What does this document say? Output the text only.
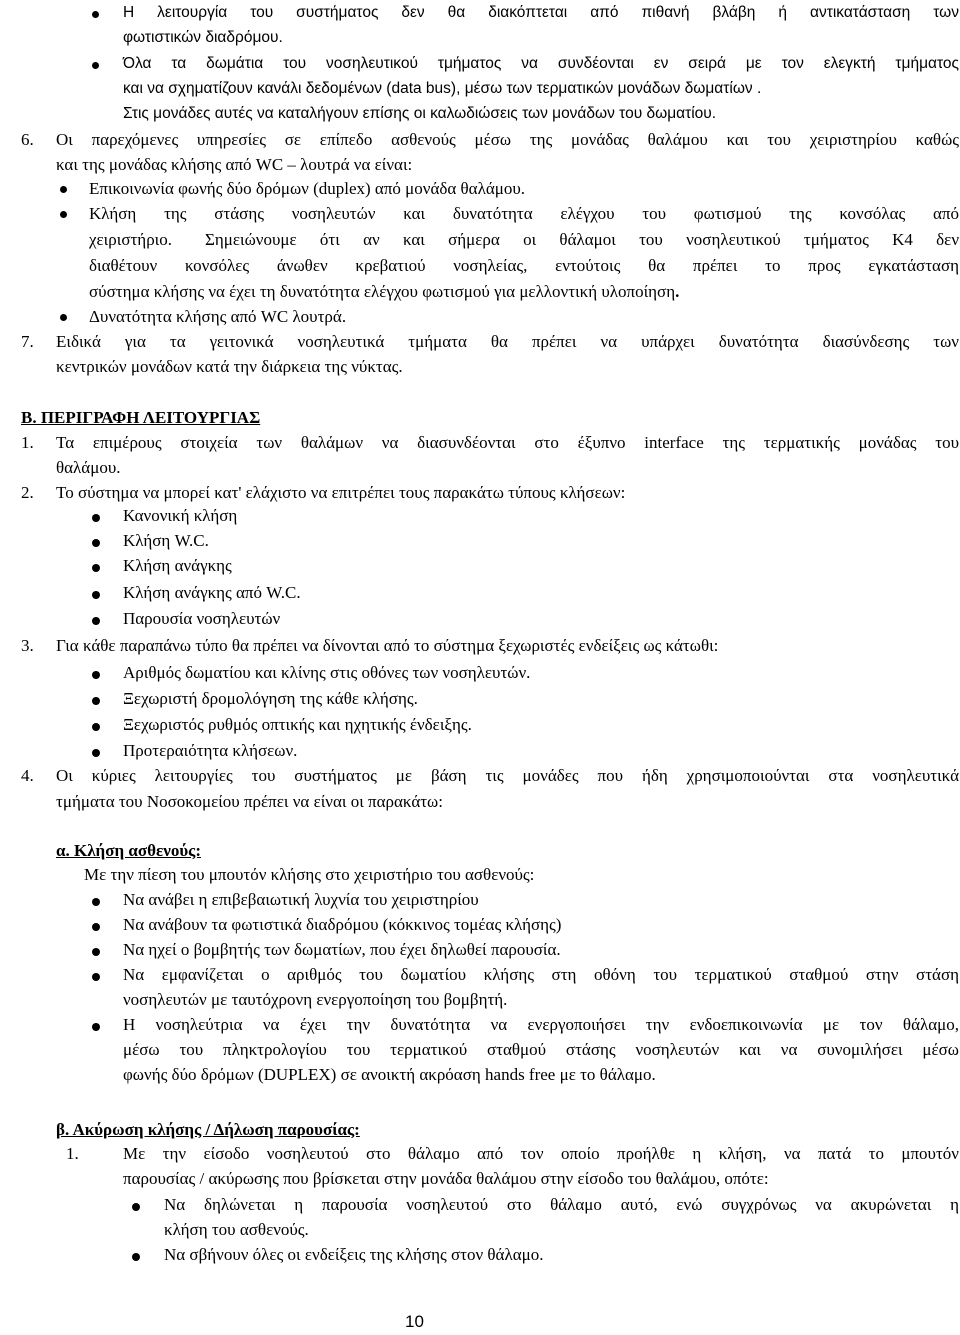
Η λειτουργία του συστήματος δεν θα διακόπτεται από πιθανή βλάβη ή αντικατάσταση των
φωτιστικών διαδρόμου.
Όλα τα δωμάτια του νοσηλευτικού τμήματος να συνδέονται εν σειρά με τον ελεγκτή τμήματος
και να σχηματίζουν κανάλι δεδομένων (data bus), μέσω των τερματικών μονάδων δωματίων .
Στις μονάδες αυτές να καταλήγουν επίσης οι καλωδιώσεις των μονάδων του δωματίου.
6. Οι παρεχόμενες υπηρεσίες σε επίπεδο ασθενούς μέσω της μονάδας θαλάμου και του χειριστηρίου καθώς
και της μονάδας κλήσης από WC – λουτρά να είναι:
Επικοινωνία φωνής δύο δρόμων (duplex) από μονάδα θαλάμου.
Κλήση της στάσης νοσηλευτών και δυνατότητα ελέγχου του φωτισμού της κονσόλας από
χειριστήριο. Σημειώνουμε ότι αν και σήμερα οι θάλαμοι του νοσηλευτικού τμήματος Κ4 δεν
διαθέτουν κονσόλες άνωθεν κρεβατιού νοσηλείας, εντούτοις θα πρέπει το προς εγκατάσταση
σύστημα κλήσης να έχει τη δυνατότητα ελέγχου φωτισμού για μελλοντική υλοποίηση.
Δυνατότητα κλήσης από WC λουτρά.
7. Ειδικά για τα γειτονικά νοσηλευτικά τμήματα θα πρέπει να υπάρχει δυνατότητα διασύνδεσης των
κεντρικών μονάδων κατά την διάρκεια της νύκτας.
Β. ΠΕΡΙΓΡΑΦΗ ΛΕΙΤΟΥΡΓΙΑΣ
1. Τα επιμέρους στοιχεία των θαλάμων να διασυνδέονται στο έξυπνο interface της τερματικής μονάδας του
θαλάμου.
2. Το σύστημα να μπορεί κατ' ελάχιστο να επιτρέπει τους παρακάτω τύπους κλήσεων:
Κανονική κλήση
Κλήση W.C.
Κλήση ανάγκης
Κλήση ανάγκης από W.C.
Παρουσία νοσηλευτών
3. Για κάθε παραπάνω τύπο θα πρέπει να δίνονται από το σύστημα ξεχωριστές ενδείξεις ως κάτωθι:
Αριθμός δωματίου και κλίνης στις οθόνες των νοσηλευτών.
Ξεχωριστή δρομολόγηση της κάθε κλήσης.
Ξεχωριστός ρυθμός οπτικής και ηχητικής ένδειξης.
Προτεραιότητα κλήσεων.
4. Οι κύριες λειτουργίες του συστήματος με βάση τις μονάδες που ήδη χρησιμοποιούνται στα νοσηλευτικά
τμήματα του Νοσοκομείου πρέπει να είναι οι παρακάτω:
α. Κλήση ασθενούς:
Με την πίεση του μπουτόν κλήσης στο χειριστήριο του ασθενούς:
Να ανάβει η επιβεβαιωτική λυχνία του χειριστηρίου
Να ανάβουν τα φωτιστικά διαδρόμου (κόκκινος τομέας κλήσης)
Να ηχεί ο βομβητής των δωματίων, που έχει δηλωθεί παρουσία.
Να εμφανίζεται ο αριθμός του δωματίου κλήσης στη οθόνη του τερματικού σταθμού στην στάση
νοσηλευτών με ταυτόχρονη ενεργοποίηση του βομβητή.
Η νοσηλεύτρια να έχει την δυνατότητα να ενεργοποιήσει την ενδοεπικοινωνία με τον θάλαμο,
μέσω του πληκτρολογίου του τερματικού σταθμού στάσης νοσηλευτών και να συνομιλήσει μέσω
φωνής δύο δρόμων (DUPLEX) σε ανοικτή ακρόαση hands free με το θάλαμο.
β. Ακύρωση κλήσης / Δήλωση παρουσίας:
1.	Με την είσοδο νοσηλευτού στο θάλαμο από τον οποίο προήλθε η κλήση, να πατά το μπουτόν
παρουσίας / ακύρωσης που βρίσκεται στην μονάδα θαλάμου στην είσοδο του θαλάμου, οπότε:
Να δηλώνεται η παρουσία νοσηλευτού στο θάλαμο αυτό, ενώ συγχρόνως να ακυρώνεται η
κλήση του ασθενούς.
Να σβήνουν όλες οι ενδείξεις της κλήσης στον θάλαμο.
10
